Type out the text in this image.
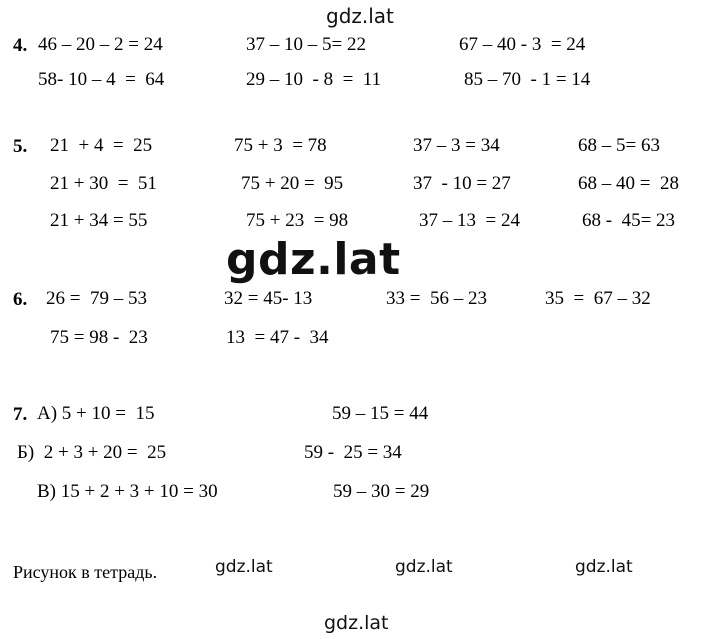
gdz.lat
4. 46 – 20 – 2 = 24	37 – 10 – 5= 22	67 – 40 - 3  = 24
58- 10 – 4  =  64	29 – 10  - 8  =  11	85 – 70  - 1 = 14
5. 21  + 4  =  25	75 + 3  = 78	37 – 3 = 34	68 – 5= 63
21 + 30  =  51	75 + 20 =  95	37  - 10 = 27	68 – 40 =  28
21 + 34 = 55	75 + 23  = 98	37 – 13  = 24	68 -  45= 23
gdz.lat
6. 26 =  79 – 53	32 = 45- 13	33 =  56 – 23	35  =  67 – 32
75 = 98 -  23	13  = 47 -  34
7. А) 5 + 10 =  15	59 – 15 = 44
Б)  2 + 3 + 20 =  25	59 -  25 = 34
В) 15 + 2 + 3 + 10 = 30	59 – 30 = 29
Рисунок в тетрадь.	gdz.lat	gdz.lat	gdz.lat
gdz.lat
